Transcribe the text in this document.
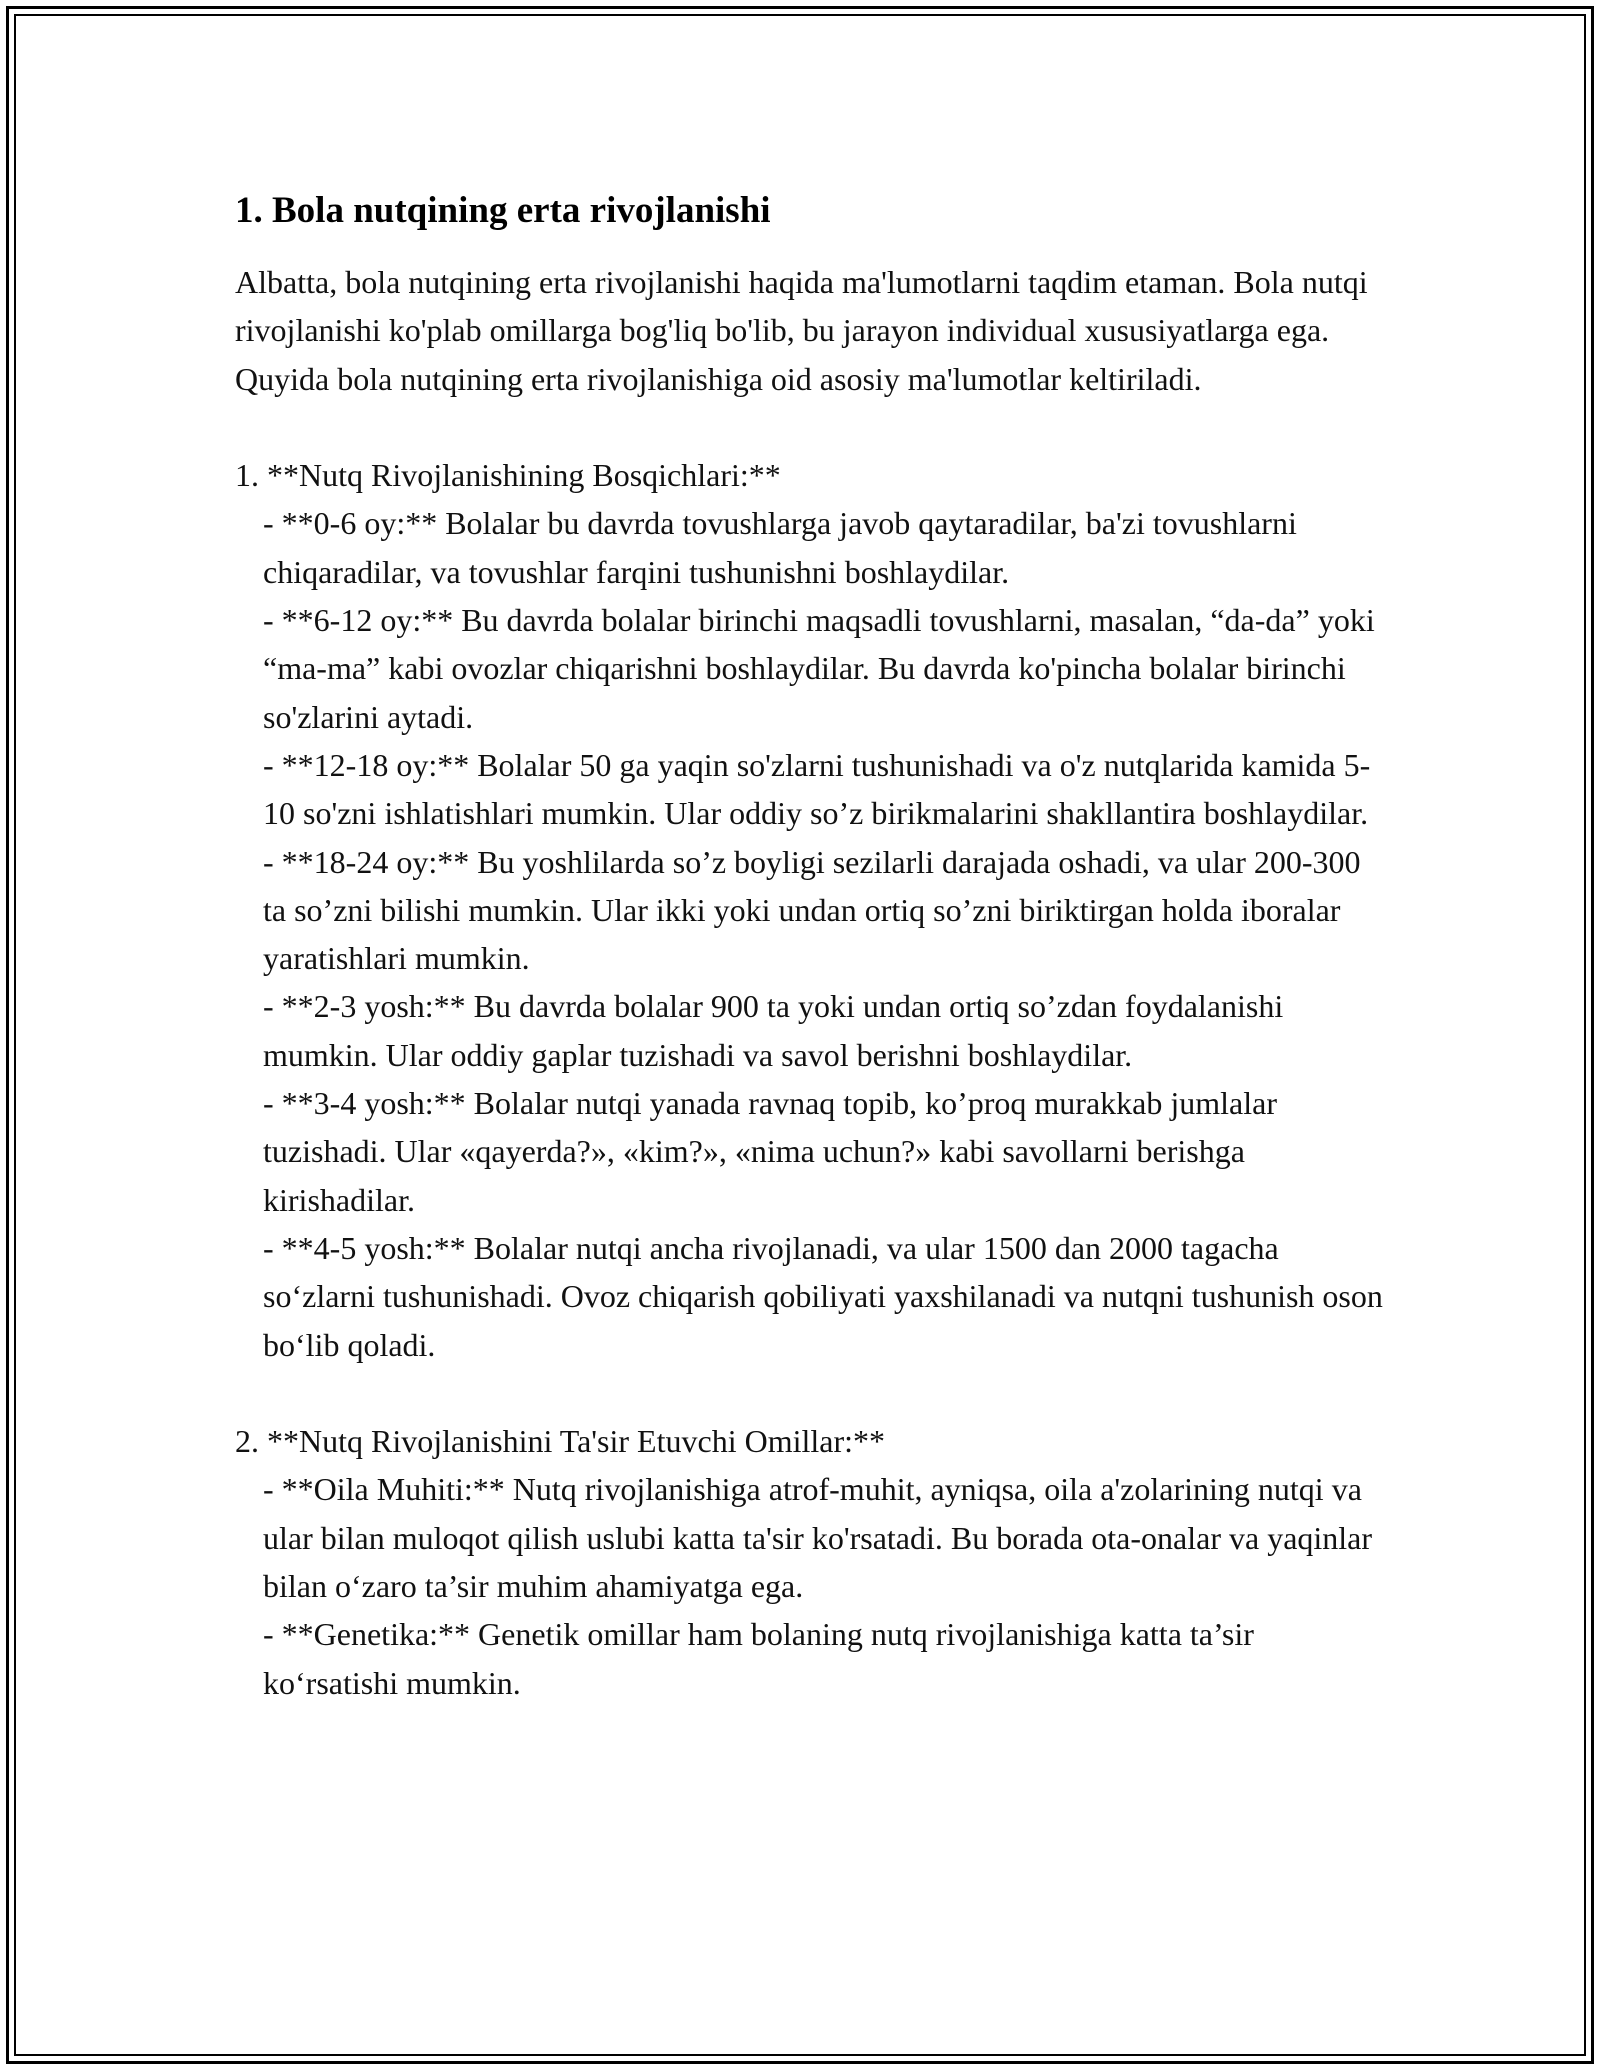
1. Bola nutqining erta rivojlanishi

Albatta, bola nutqining erta rivojlanishi haqida ma'lumotlarni taqdim etaman. Bola nutqi rivojlanishi ko'plab omillarga bog'liq bo'lib, bu jarayon individual xususiyatlarga ega. Quyida bola nutqining erta rivojlanishiga oid asosiy ma'lumotlar keltiriladi.

1. **Nutq Rivojlanishining Bosqichlari:**

- **0-6 oy:** Bolalar bu davrda tovushlarga javob qaytaradilar, ba'zi tovushlarni chiqaradilar, va tovushlar farqini tushunishni boshlaydilar.

- **6-12 oy:** Bu davrda bolalar birinchi maqsadli tovushlarni, masalan, “da-da” yoki “ma-ma” kabi ovozlar chiqarishni boshlaydilar. Bu davrda ko'pincha bolalar birinchi so'zlarini aytadi.

- **12-18 oy:** Bolalar 50 ga yaqin so'zlarni tushunishadi va o'z nutqlarida kamida 5-10 so'zni ishlatishlari mumkin. Ular oddiy so’z birikmalarini shakllantira boshlaydilar.

- **18-24 oy:** Bu yoshlilarda so’z boyligi sezilarli darajada oshadi, va ular 200-300 ta so’zni bilishi mumkin. Ular ikki yoki undan ortiq so’zni biriktirgan holda iboralar yaratishlari mumkin.

- **2-3 yosh:** Bu davrda bolalar 900 ta yoki undan ortiq so’zdan foydalanishi mumkin. Ular oddiy gaplar tuzishadi va savol berishni boshlaydilar.

- **3-4 yosh:** Bolalar nutqi yanada ravnaq topib, ko’proq murakkab jumlalar tuzishadi. Ular «qayerda?», «kim?», «nima uchun?» kabi savollarni berishga kirishadilar.

- **4-5 yosh:** Bolalar nutqi ancha rivojlanadi, va ular 1500 dan 2000 tagacha so‘zlarni tushunishadi. Ovoz chiqarish qobiliyati yaxshilanadi va nutqni tushunish oson bo‘lib qoladi.

2. **Nutq Rivojlanishini Ta'sir Etuvchi Omillar:**

- **Oila Muhiti:** Nutq rivojlanishiga atrof-muhit, ayniqsa, oila a'zolarining nutqi va ular bilan muloqot qilish uslubi katta ta'sir ko'rsatadi. Bu borada ota-onalar va yaqinlar bilan o‘zaro ta’sir muhim ahamiyatga ega.

- **Genetika:** Genetik omillar ham bolaning nutq rivojlanishiga katta ta’sir ko‘rsatishi mumkin.
